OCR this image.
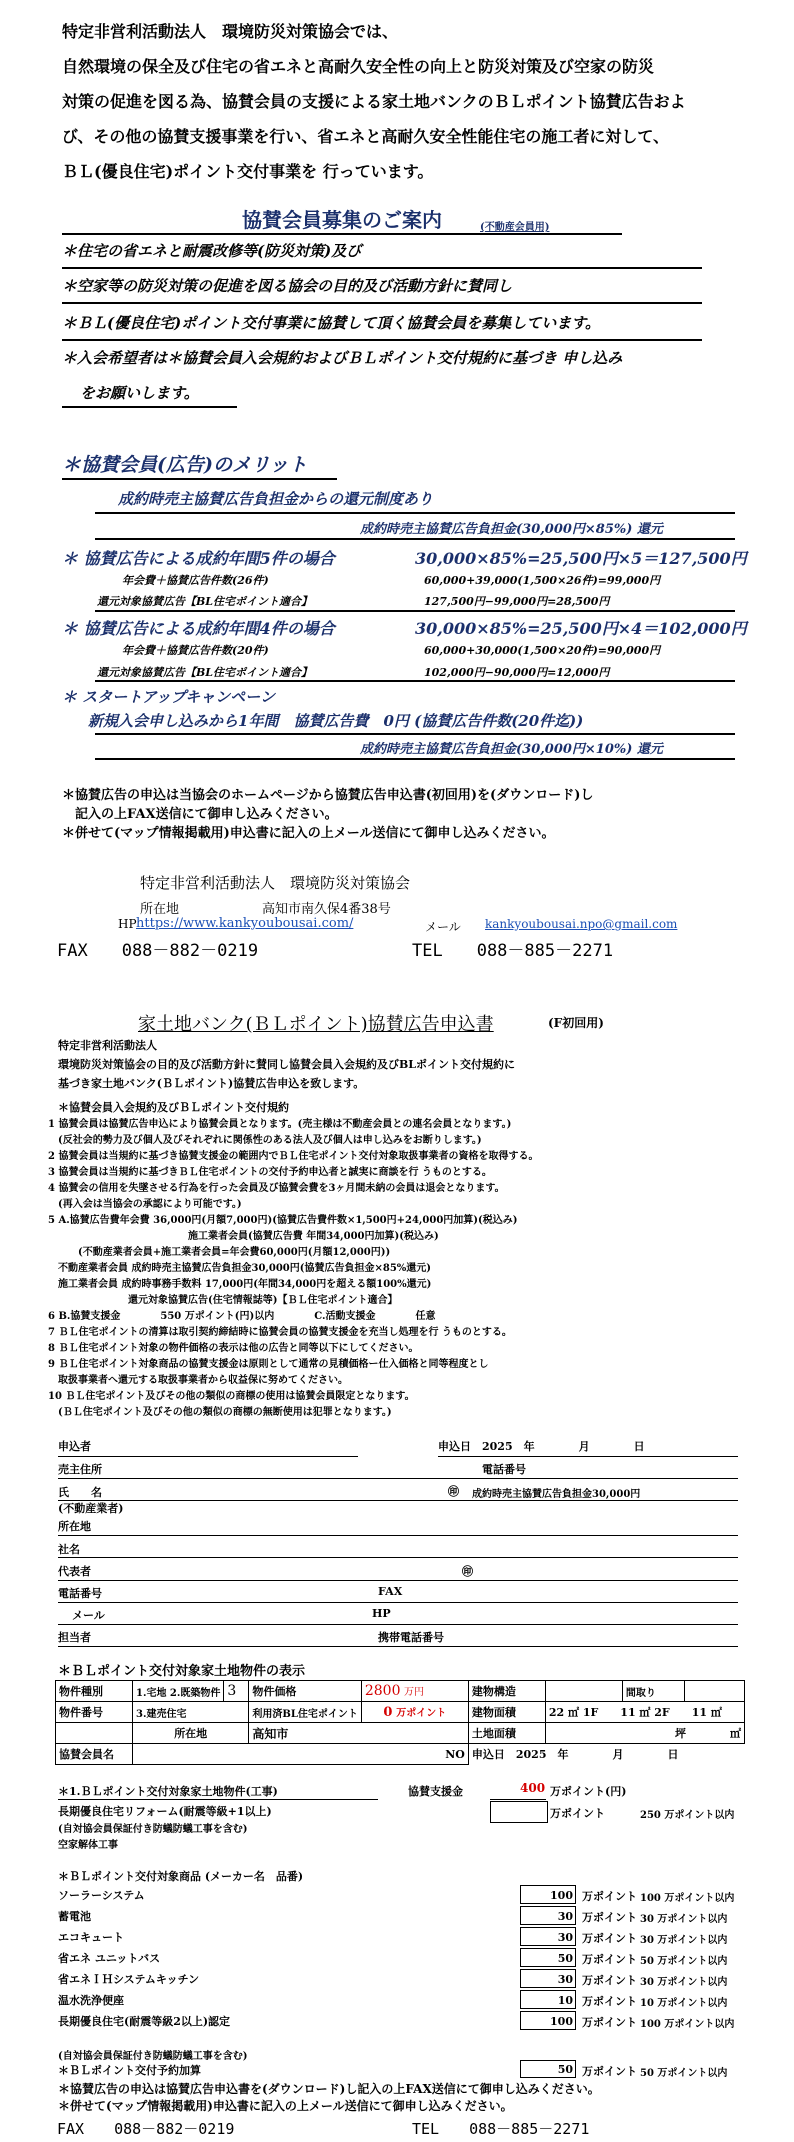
特定非営利活動法人　環境防災対策協会では、
自然環境の保全及び住宅の省エネと高耐久安全性の向上と防災対策及び空家の防災
対策の促進を図る為、協賛会員の支援による家土地バンクのＢＬポイント協賛広告およ
び、その他の協賛支援事業を行い、省エネと高耐久安全性能住宅の施工者に対して、
ＢＬ(優良住宅)ポイント交付事業を 行っています。
協賛会員募集のご案内	(不動産会員用)
＊住宅の省エネと耐震改修等(防災対策)及び
＊空家等の防災対策の促進を図る協会の目的及び活動方針に賛同し
＊ＢＬ(優良住宅)ポイント交付事業に協賛して頂く協賛会員を募集しています。
＊入会希望者は＊協賛会員入会規約およびＢＬポイント交付規約に基づき 申し込み
をお願いします。
＊協賛会員(広告)のメリット
成約時売主協賛広告負担金からの還元制度あり
成約時売主協賛広告負担金(30,000円×85%) 還元
＊ 協賛広告による成約年間5件の場合	30,000×85%=25,500円×5＝127,500円
年会費＋協賛広告件数(26件)	60,000+39,000(1,500×26件)=99,000円
還元対象協賛広告【BL住宅ポイント適合】	127,500円−99,000円=28,500円
＊ 協賛広告による成約年間4件の場合	30,000×85%=25,500円×4＝102,000円
年会費＋協賛広告件数(20件)	60,000+30,000(1,500×20件)=90,000円
還元対象協賛広告【BL住宅ポイント適合】	102,000円−90,000円=12,000円
＊ スタートアップキャンペーン
新規入会申し込みから1年間　協賛広告費　0円 (協賛広告件数(20件迄))
成約時売主協賛広告負担金(30,000円×10%) 還元
＊協賛広告の申込は当協会のホームページから協賛広告申込書(初回用)を(ダウンロード)し
　記入の上FAX送信にて御申し込みください。
＊併せて(マップ情報掲載用)申込書に記入の上メール送信にて御申し込みください。
特定非営利活動法人　環境防災対策協会
所在地	高知市南久保4番38号
HP https://www.kankyoubousai.com/	メール kankyoubousai.npo@gmail.com
FAX　　088－882－0219	TEL　　088－885－2271
家土地バンク(ＢＬポイント)協賛広告申込書	(F初回用)
特定非営利活動法人
環境防災対策協会の目的及び活動方針に賛同し協賛会員入会規約及びBLポイント交付規約に
基づき家土地バンク(ＢＬポイント)協賛広告申込を致します。
＊協賛会員入会規約及びＢＬポイント交付規約
1 協賛会員は協賛広告申込により協賛会員となります。(売主様は不動産会員との連名会員となります。)
　(反社会的勢力及び個人及びそれぞれに関係性のある法人及び個人は申し込みをお断りします。)
2 協賛会員は当規約に基づき協賛支援金の範囲内でＢＬ住宅ポイント交付対象取扱事業者の資格を取得する。
3 協賛会員は当規約に基づきＢＬ住宅ポイントの交付予約申込者と誠実に商談を行 うものとする。
4 協賛会の信用を失墜させる行為を行った会員及び協賛会費を3ヶ月間未納の会員は退会となります。
　(再入会は当協会の承認により可能です。)
5 A.協賛広告費年会費 36,000円(月額7,000円)(協賛広告費件数×1,500円+24,000円加算)(税込み)
　　　　　　　　　　　　　　施工業者会員(協賛広告費 年間34,000円加算)(税込み)
　　　(不動産業者会員+施工業者会員=年会費60,000円(月額12,000円))
　不動産業者会員 成約時売主協賛広告負担金30,000円(協賛広告負担金×85%還元)
　施工業者会員 成約時事務手数料 17,000円(年間34,000円を超える額100%還元)
　　　　　　　　還元対象協賛広告(住宅情報誌等)【ＢＬ住宅ポイント適合】
6 B.協賛支援金　　　　550 万ポイント(円)以内　　　　C.活動支援金　　　　任意
7 ＢＬ住宅ポイントの清算は取引契約締結時に協賛会員の協賛支援金を充当し処理を行 うものとする。
8 ＢＬ住宅ポイント対象の物件価格の表示は他の広告と同等以下にしてください。
9 ＢＬ住宅ポイント対象商品の協賛支援金は原則として通常の見積価格ー仕入価格と同等程度とし
　取扱事業者へ還元する取扱事業者から収益保に努めてください。
10 ＢＬ住宅ポイント及びその他の類似の商標の使用は協賛会員限定となります。
　(ＢＬ住宅ポイント及びその他の類似の商標の無断使用は犯罪となります。)
申込者	申込日　2025　年　　　　月　　　　日
売主住所	電話番号
氏　　名	㊞ 成約時売主協賛広告負担金30,000円
(不動産業者)
所在地
社名
代表者	㊞
電話番号	FAX
メール	HP
担当者	携帯電話番号
＊ＢＬポイント交付対象家土地物件の表示
物件種別	1.宅地 2.既築物件	3	物件価格	2800 万円	建物構造		間取り	
物件番号	3.建売住宅		利用済BL住宅ポイント	0 万ポイント	建物面積	22 ㎡ 1F　　11 ㎡ 2F　　11 ㎡		
	所在地		高知市		土地面積	坪　　　　㎡		
協賛会員名	NO				申込日　2025　年　　　　月　　　　日			
＊1.ＢＬポイント交付対象家土地物件(工事)	協賛支援金	400 万ポイント(円)
長期優良住宅リフォーム(耐震等級+1以上)	万ポイント	250 万ポイント以内
(自対協会員保証付き防蟻防蟻工事を含む)
空家解体工事
＊ＢＬポイント交付対象商品 (メーカー名　品番)
ソーラーシステム	100 万ポイント 100 万ポイント以内
蓄電池	30 万ポイント 30 万ポイント以内
エコキュート	30 万ポイント 30 万ポイント以内
省エネ ユニットバス	50 万ポイント 50 万ポイント以内
省エネＩＨシステムキッチン	30 万ポイント 30 万ポイント以内
温水洗浄便座	10 万ポイント 10 万ポイント以内
長期優良住宅(耐震等級2以上)認定	100 万ポイント 100 万ポイント以内
(自対協会員保証付き防蟻防蟻工事を含む)
＊ＢＬポイント交付予約加算	50 万ポイント 50 万ポイント以内
＊協賛広告の申込は協賛広告申込書を(ダウンロード)し記入の上FAX送信にて御申し込みください。
＊併せて(マップ情報掲載用)申込書に記入の上メール送信にて御申し込みください。
FAX　　088－882－0219	TEL　　088－885－2271
